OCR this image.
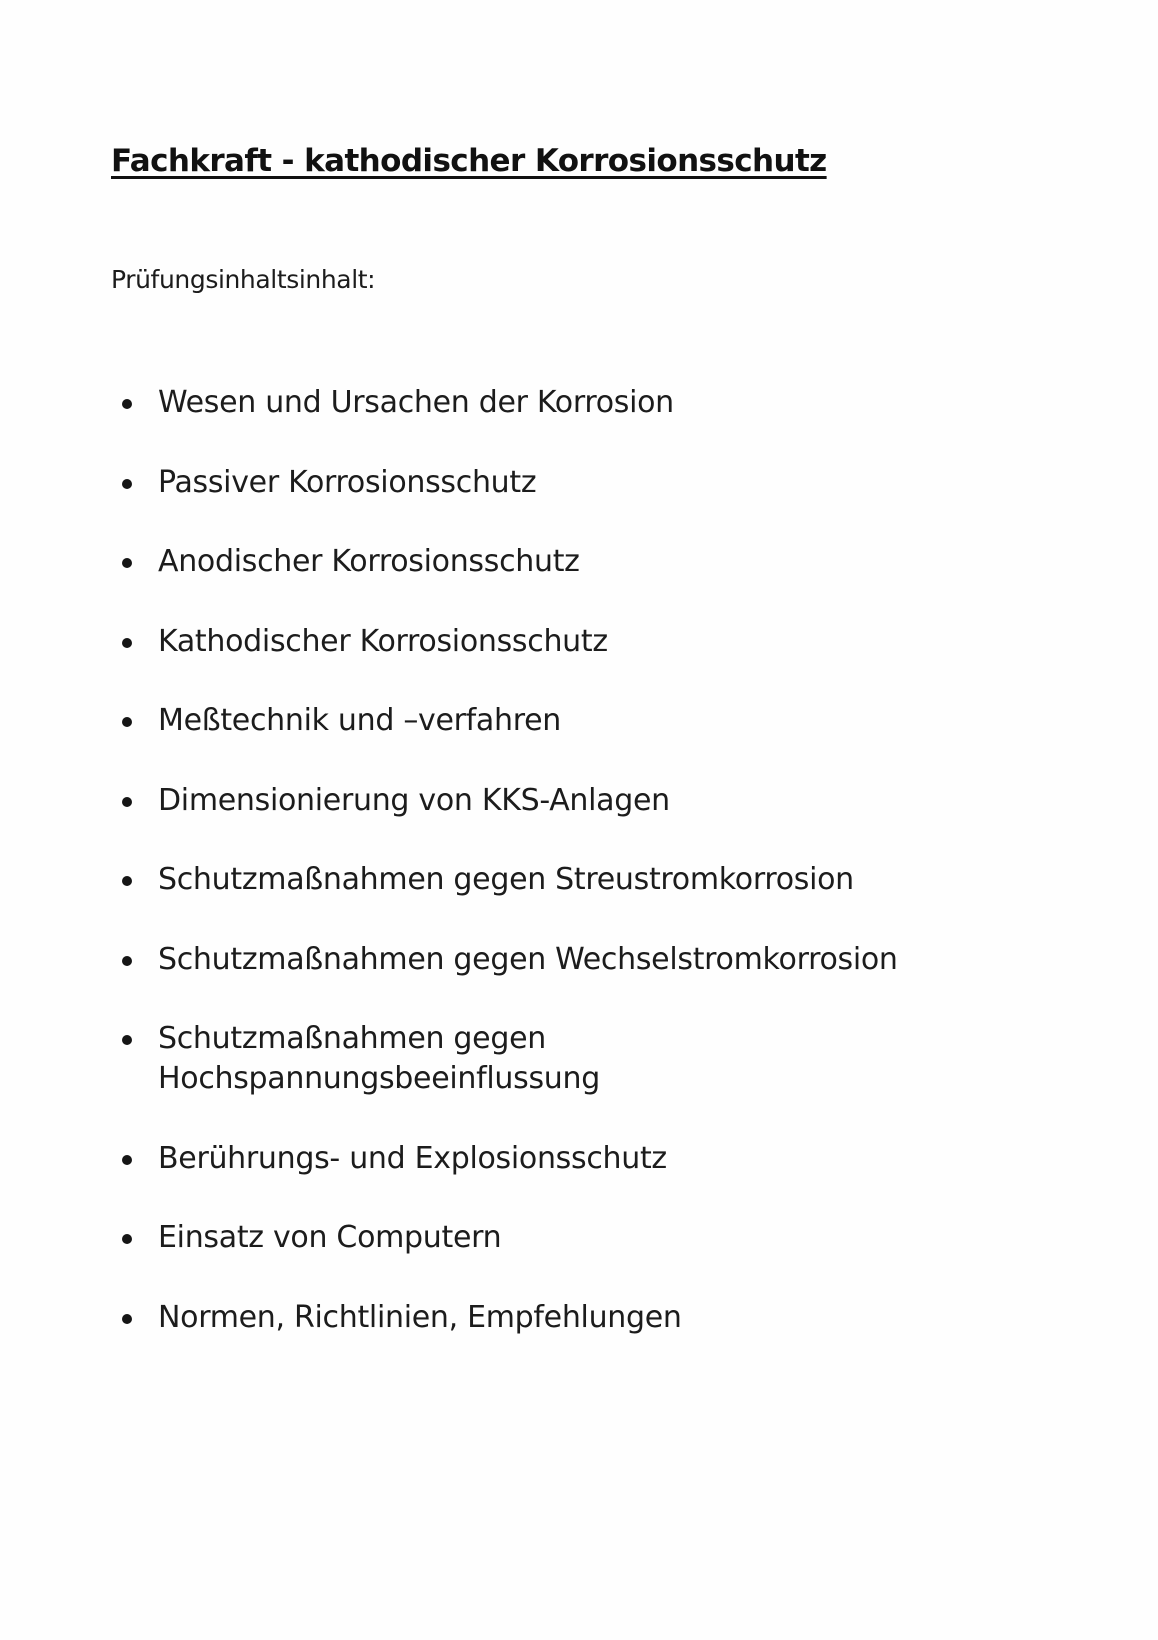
Fachkraft - kathodischer Korrosionsschutz

Prüfungsinhaltsinhalt:

Wesen und Ursachen der Korrosion
Passiver Korrosionsschutz
Anodischer Korrosionsschutz
Kathodischer Korrosionsschutz
Meßtechnik und –verfahren
Dimensionierung von KKS-Anlagen
Schutzmaßnahmen gegen Streustromkorrosion
Schutzmaßnahmen gegen Wechselstromkorrosion
Schutzmaßnahmen gegen
Hochspannungsbeeinflussung
Berührungs- und Explosionsschutz
Einsatz von Computern
Normen, Richtlinien, Empfehlungen
